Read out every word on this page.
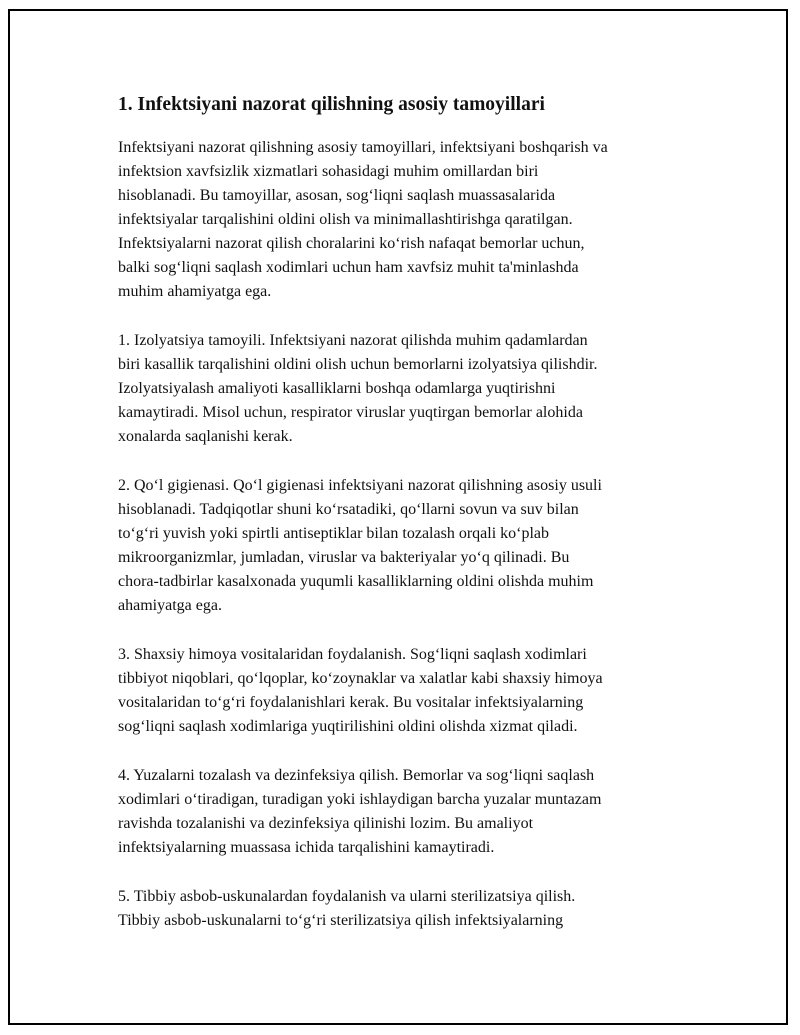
1. Infektsiyani nazorat qilishning asosiy tamoyillari
Infektsiyani nazorat qilishning asosiy tamoyillari, infektsiyani boshqarish va
infektsion xavfsizlik xizmatlari sohasidagi muhim omillardan biri
hisoblanadi. Bu tamoyillar, asosan, sog‘liqni saqlash muassasalarida
infektsiyalar tarqalishini oldini olish va minimallashtirishga qaratilgan.
Infektsiyalarni nazorat qilish choralarini ko‘rish nafaqat bemorlar uchun,
balki sog‘liqni saqlash xodimlari uchun ham xavfsiz muhit ta'minlashda
muhim ahamiyatga ega.
1. Izolyatsiya tamoyili. Infektsiyani nazorat qilishda muhim qadamlardan
biri kasallik tarqalishini oldini olish uchun bemorlarni izolyatsiya qilishdir.
Izolyatsiyalash amaliyoti kasalliklarni boshqa odamlarga yuqtirishni
kamaytiradi. Misol uchun, respirator viruslar yuqtirgan bemorlar alohida
xonalarda saqlanishi kerak.
2. Qo‘l gigienasi. Qo‘l gigienasi infektsiyani nazorat qilishning asosiy usuli
hisoblanadi. Tadqiqotlar shuni ko‘rsatadiki, qo‘llarni sovun va suv bilan
to‘g‘ri yuvish yoki spirtli antiseptiklar bilan tozalash orqali ko‘plab
mikroorganizmlar, jumladan, viruslar va bakteriyalar yo‘q qilinadi. Bu
chora-tadbirlar kasalxonada yuqumli kasalliklarning oldini olishda muhim
ahamiyatga ega.
3. Shaxsiy himoya vositalaridan foydalanish. Sog‘liqni saqlash xodimlari
tibbiyot niqoblari, qo‘lqoplar, ko‘zoynaklar va xalatlar kabi shaxsiy himoya
vositalaridan to‘g‘ri foydalanishlari kerak. Bu vositalar infektsiyalarning
sog‘liqni saqlash xodimlariga yuqtirilishini oldini olishda xizmat qiladi.
4. Yuzalarni tozalash va dezinfeksiya qilish. Bemorlar va sog‘liqni saqlash
xodimlari o‘tiradigan, turadigan yoki ishlaydigan barcha yuzalar muntazam
ravishda tozalanishi va dezinfeksiya qilinishi lozim. Bu amaliyot
infektsiyalarning muassasa ichida tarqalishini kamaytiradi.
5. Tibbiy asbob-uskunalardan foydalanish va ularni sterilizatsiya qilish.
Tibbiy asbob-uskunalarni to‘g‘ri sterilizatsiya qilish infektsiyalarning
